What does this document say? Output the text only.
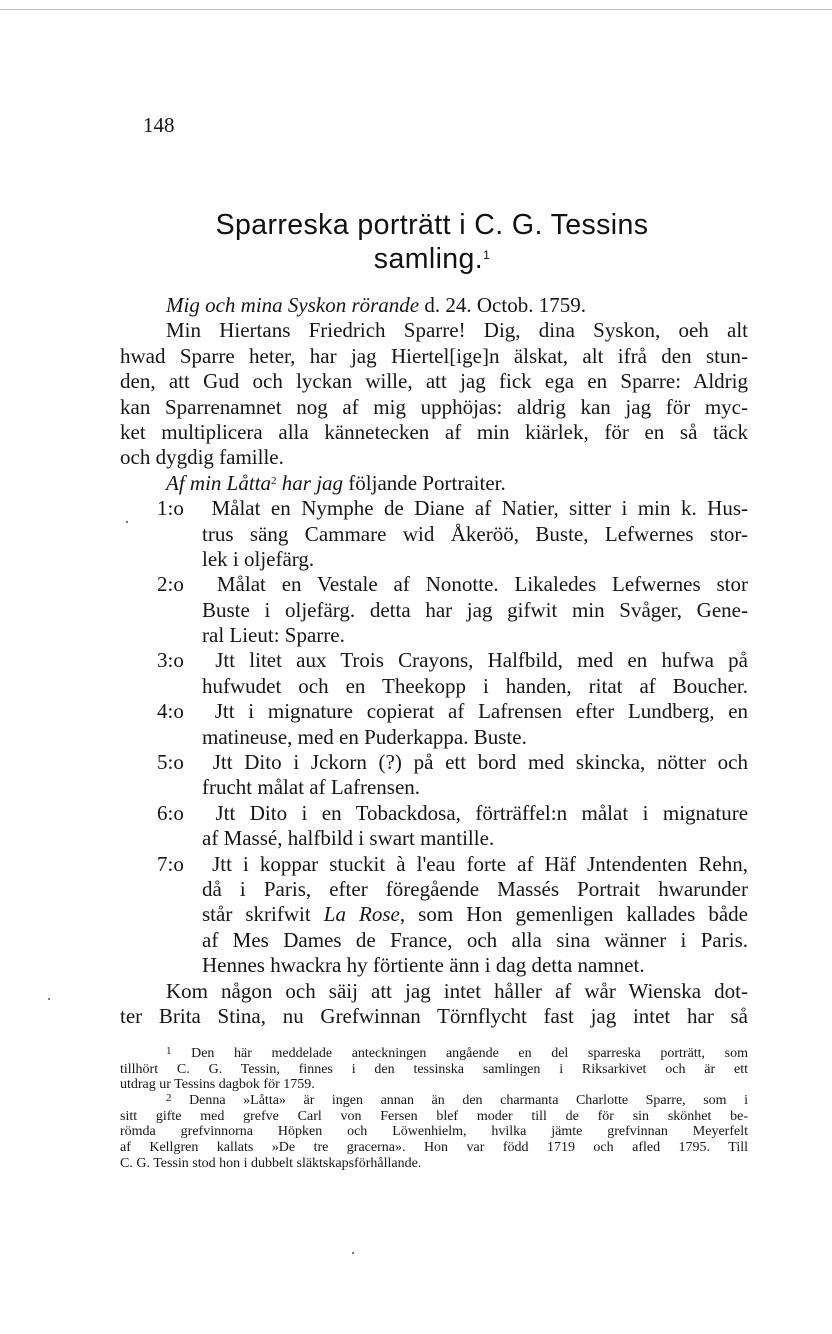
148
Sparreska porträtt i C. G. Tessins
samling.$^1$
Mig och mina Syskon rörande d. 24. Octob. 1759.
Min Hiertans Friedrich Sparre! Dig, dina Syskon, oeh alt
hwad Sparre heter, har jag Hiertel[ige]n älskat, alt ifrå den stun-
den, att Gud och lyckan wille, att jag fick ega en Sparre: Aldrig
kan Sparrenamnet nog af mig upphöjas: aldrig kan jag för myc-
ket multiplicera alla kännetecken af min kiärlek, för en så täck
och dygdig famille.
Af min Låtta$^2$ har jag följande Portraiter.
1:o Målat en Nymphe de Diane af Natier, sitter i min k. Hus-
trus säng Cammare wid Åkeröö, Buste, Lefwernes stor-
lek i oljefärg.
2:o Målat en Vestale af Nonotte. Likaledes Lefwernes stor
Buste i oljefärg. detta har jag gifwit min Svåger, Gene-
ral Lieut: Sparre.
3:o Jtt litet aux Trois Crayons, Halfbild, med en hufwa på
hufwudet och en Theekopp i handen, ritat af Boucher.
4:o Jtt i mignature copierat af Lafrensen efter Lundberg, en
matineuse, med en Puderkappa. Buste.
5:o Jtt Dito i Jckorn (?) på ett bord med skincka, nötter och
frucht målat af Lafrensen.
6:o Jtt Dito i en Tobackdosa, förträffel:n målat i mignature
af Massé, halfbild i swart mantille.
7:o Jtt i koppar stuckit à l'eau forte af Häf Jntendenten Rehn,
då i Paris, efter föregående Massés Portrait hwarunder
står skrifwit La Rose, som Hon gemenligen kallades både
af Mes Dames de France, och alla sina wänner i Paris.
Hennes hwackra hy förtiente änn i dag detta namnet.
Kom någon och säij att jag intet håller af wår Wienska dot-
ter Brita Stina, nu Grefwinnan Törnflycht fast jag intet har så
$^1$ Den här meddelade anteckningen angående en del sparreska porträtt, som
tillhört C. G. Tessin, finnes i den tessinska samlingen i Riksarkivet och är ett
utdrag ur Tessins dagbok för 1759.
$^2$ Denna »Låtta» är ingen annan än den charmanta Charlotte Sparre, som i
sitt gifte med grefve Carl von Fersen blef moder till de för sin skönhet be-
römda grefvinnorna Höpken och Löwenhielm, hvilka jämte grefvinnan Meyerfelt
af Kellgren kallats »De tre gracerna». Hon var född 1719 och afled 1795. Till
C. G. Tessin stod hon i dubbelt släktskapsförhållande.
